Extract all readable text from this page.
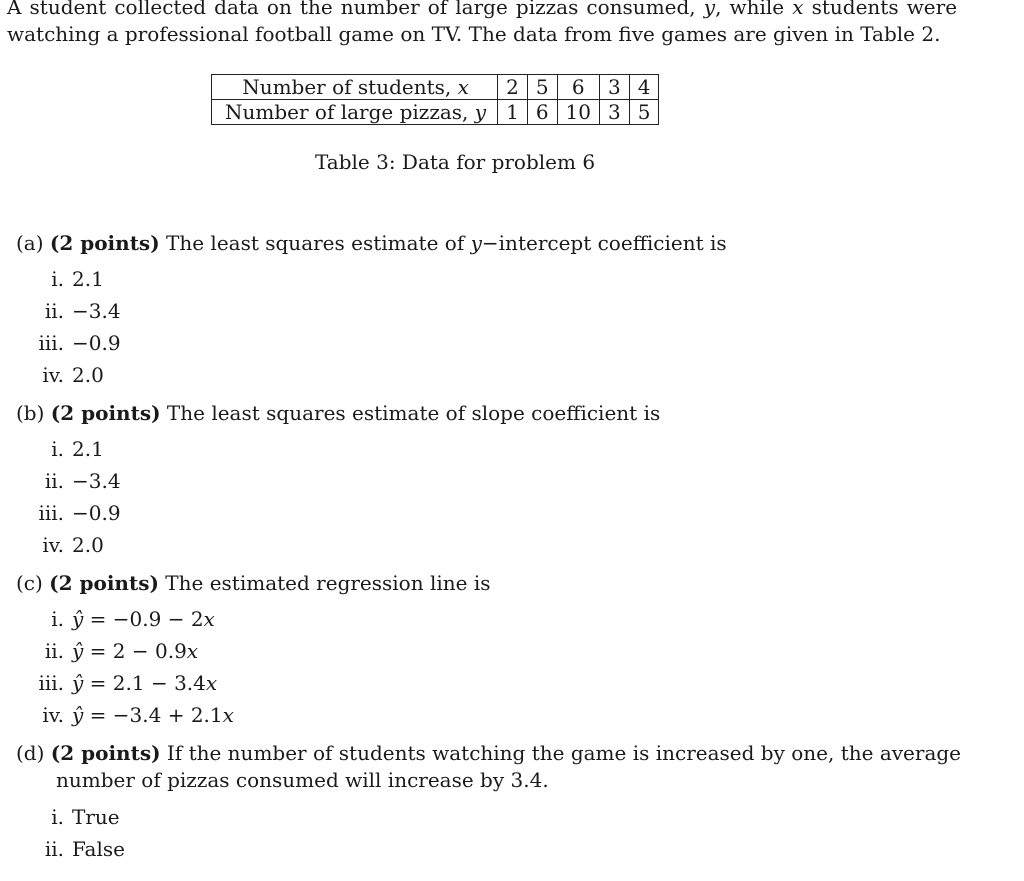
A student collected data on the number of large pizzas consumed, y, while x students were watching a professional football game on TV. The data from five games are given in Table 2.

Number of students, x	2	5	6	3	4
Number of large pizzas, y	1	6	10	3	5
Table 3: Data for problem 6
(a) (2 points) The least squares estimate of y−intercept coefficient is
i. 2.1
ii. −3.4
iii. −0.9
iv. 2.0
(b) (2 points) The least squares estimate of slope coefficient is
i. 2.1
ii. −3.4
iii. −0.9
iv. 2.0
(c) (2 points) The estimated regression line is
i. ŷ = −0.9 − 2x
ii. ŷ = 2 − 0.9x
iii. ŷ = 2.1 − 3.4x
iv. ŷ = −3.4 + 2.1x
(d) (2 points) If the number of students watching the game is increased by one, the average
number of pizzas consumed will increase by 3.4.
i. True
ii. False
